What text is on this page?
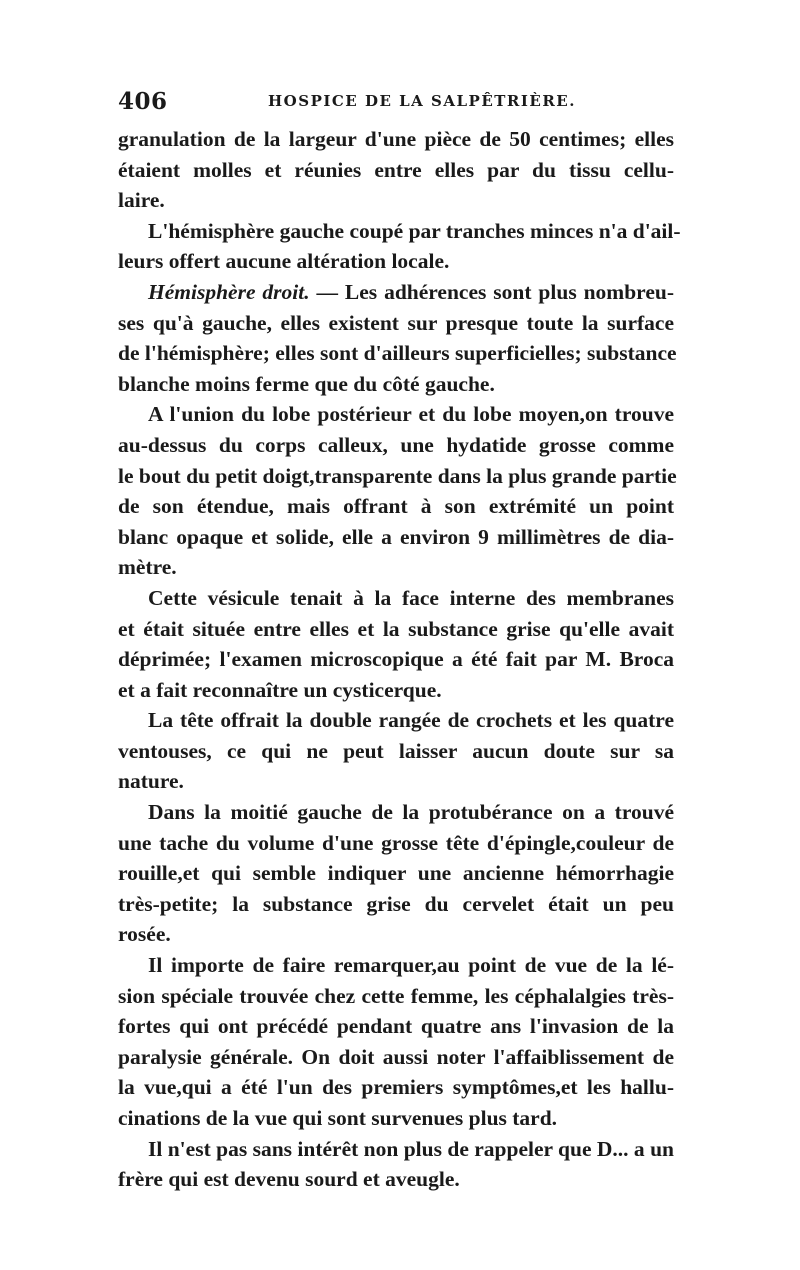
406	HOSPICE DE LA SALPÊTRIÈRE.
granulation de la largeur d'une pièce de 50 centimes; elles
étaient molles et réunies entre elles par du tissu cellu-
laire.
L'hémisphère gauche coupé par tranches minces n'a d'ail-
leurs offert aucune altération locale.
Hémisphère droit. — Les adhérences sont plus nombreu-
ses qu'à gauche, elles existent sur presque toute la surface
de l'hémisphère; elles sont d'ailleurs superficielles; substance
blanche moins ferme que du côté gauche.
A l'union du lobe postérieur et du lobe moyen,on trouve
au-dessus du corps calleux, une hydatide grosse comme
le bout du petit doigt,transparente dans la plus grande partie
de son étendue, mais offrant à son extrémité un point
blanc opaque et solide, elle a environ 9 millimètres de dia-
mètre.
Cette vésicule tenait à la face interne des membranes
et était située entre elles et la substance grise qu'elle avait
déprimée; l'examen microscopique a été fait par M. Broca
et a fait reconnaître un cysticerque.
La tête offrait la double rangée de crochets et les quatre
ventouses, ce qui ne peut laisser aucun doute sur sa
nature.
Dans la moitié gauche de la protubérance on a trouvé
une tache du volume d'une grosse tête d'épingle,couleur de
rouille,et qui semble indiquer une ancienne hémorrhagie
très-petite; la substance grise du cervelet était un peu
rosée.
Il importe de faire remarquer,au point de vue de la lé-
sion spéciale trouvée chez cette femme, les céphalalgies très-
fortes qui ont précédé pendant quatre ans l'invasion de la
paralysie générale. On doit aussi noter l'affaiblissement de
la vue,qui a été l'un des premiers symptômes,et les hallu-
cinations de la vue qui sont survenues plus tard.
Il n'est pas sans intérêt non plus de rappeler que D... a un
frère qui est devenu sourd et aveugle.
